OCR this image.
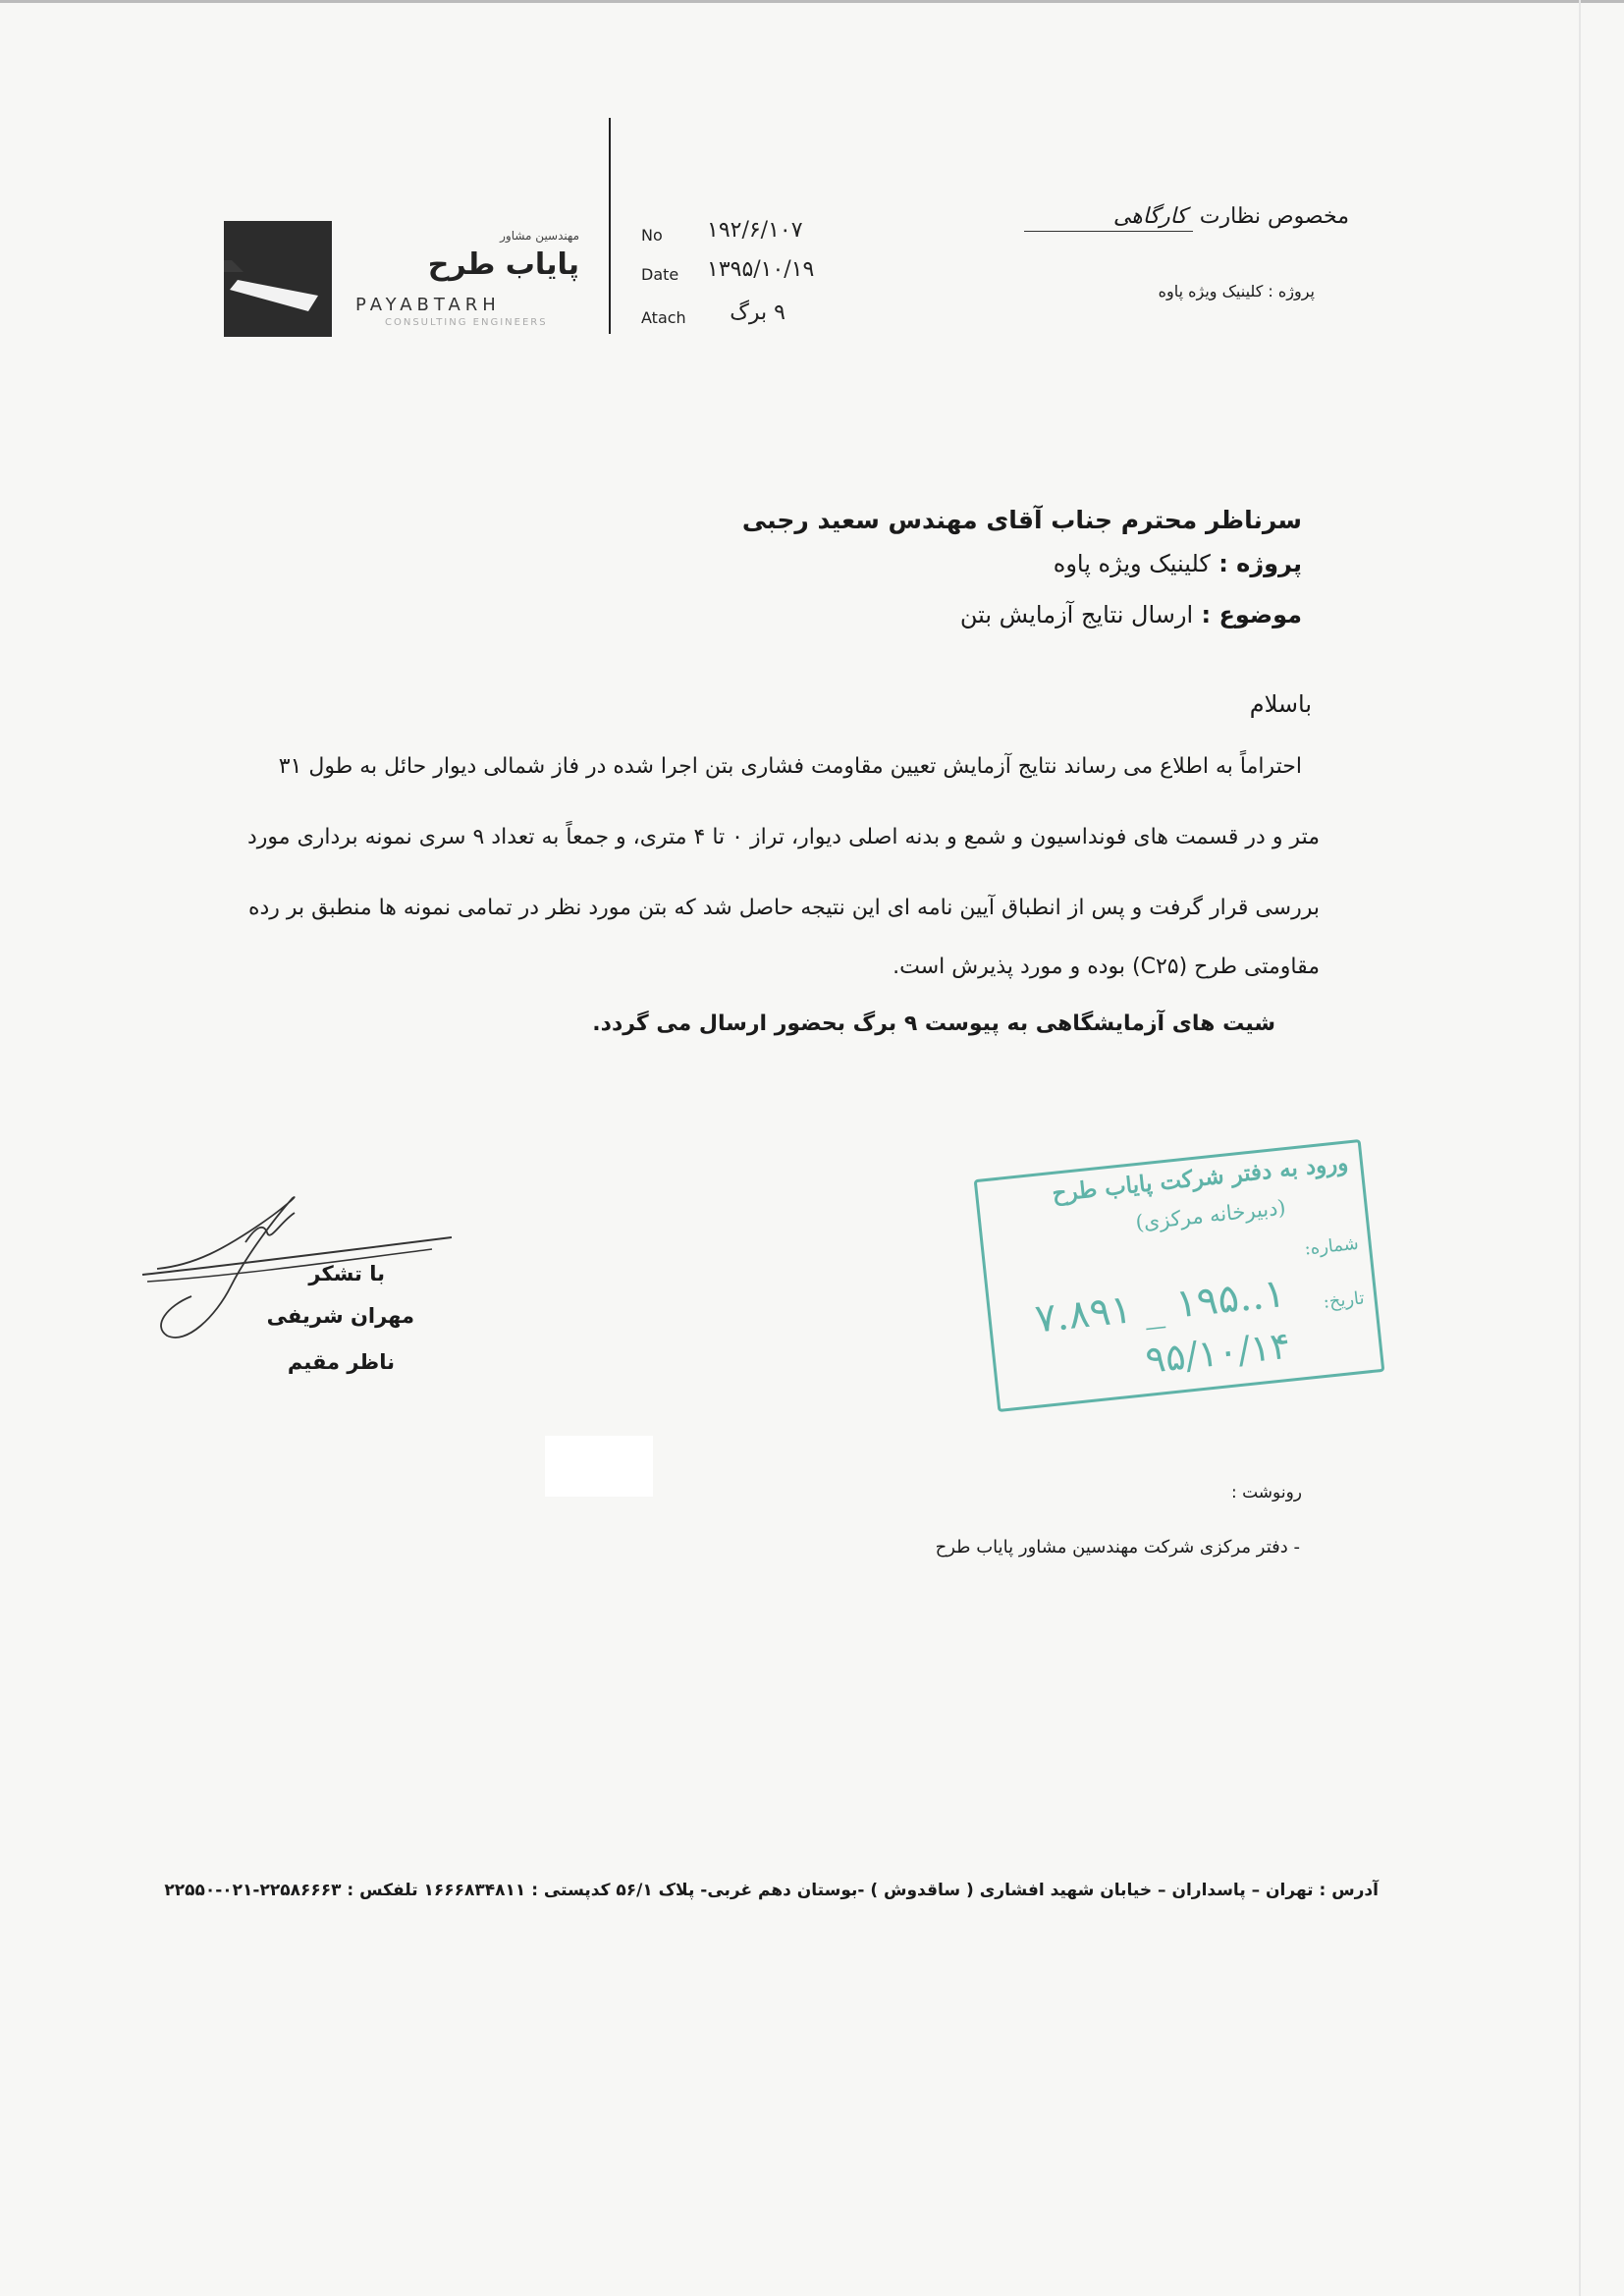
مهندسین مشاور
پایاب طرح
PAYABTARH
CONSULTING ENGINEERS
No ۱۹۲/۶/۱۰۷
Date ۱۳۹۵/۱۰/۱۹
Atach	۹ برگ
مخصوص نظارت کارگاهی
پروژه : کلینیک ویژه پاوه
سرناظر محترم جناب آقای مهندس سعید رجبی
پروژه : کلینیک ویژه پاوه
موضوع : ارسال نتایج آزمایش بتن
باسلام
احتراماً به اطلاع می رساند نتایج آزمایش تعیین مقاومت فشاری بتن اجرا شده در فاز شمالی دیوار حائل به طول ۳۱
متر و در قسمت های فونداسیون و شمع و بدنه اصلی دیوار، تراز ۰ تا ۴ متری، و جمعاً به تعداد ۹ سری نمونه برداری مورد
بررسی قرار گرفت و پس از انطباق آیین نامه ای این نتیجه حاصل شد که بتن مورد نظر در تمامی نمونه ها منطبق بر رده
مقاومتی طرح (C۲۵) بوده و مورد پذیرش است.
شیت های آزمایشگاهی به پیوست ۹ برگ بحضور ارسال می گردد.
با تشکر
مهران شریفی
ناظر مقیم
ورود به دفتر شرکت پایاب طرح
(دبیرخانه مرکزی)
شماره:
۱..۱۹۵ _ ۷.۸۹۱ تاریخ:
۹۵/۱۰/۱۴
رونوشت :
- دفتر مرکزی شرکت مهندسین مشاور پایاب طرح
آدرس : تهران – پاسداران – خیابان شهید افشاری ( ساقدوش ) -بوستان دهم غربی- پلاک ۵۶/۱ کدپستی : ۱۶۶۶۸۳۴۸۱۱ تلفکس : ۲۲۵۸۶۶۶۳-۰۲۱-۲۲۵۵۰
